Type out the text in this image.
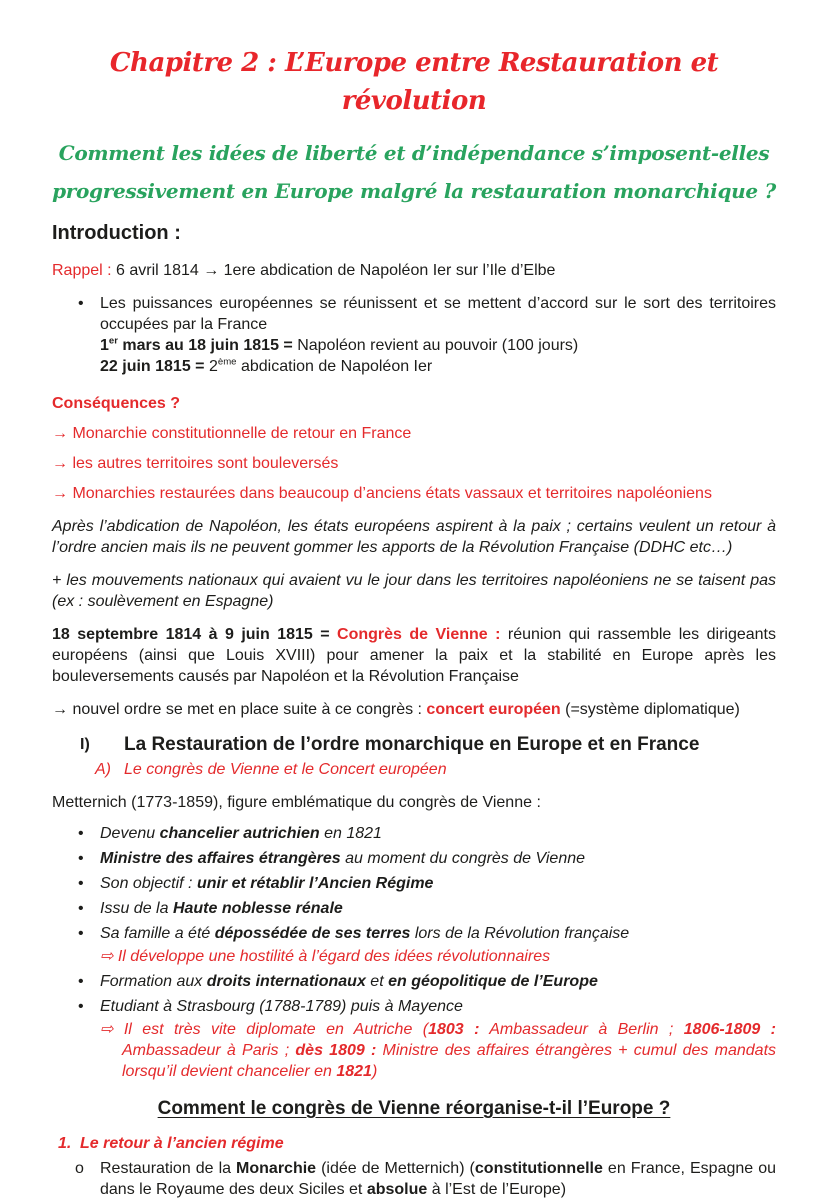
Chapitre 2 : L’Europe entre Restauration et révolution
Comment les idées de liberté et d’indépendance s’imposent-elles
progressivement en Europe malgré la restauration monarchique ?
Introduction :

Rappel : 6 avril 1814 → 1ere abdication de Napoléon Ier sur l’Ile d’Elbe

• Les puissances européennes se réunissent et se mettent d’accord sur le sort des territoires occupées par la France
1er mars au 18 juin 1815 = Napoléon revient au pouvoir (100 jours)
22 juin 1815 = 2ème abdication de Napoléon Ier

Conséquences ?

→ Monarchie constitutionnelle de retour en France

→ les autres territoires sont bouleversés

→ Monarchies restaurées dans beaucoup d’anciens états vassaux et territoires napoléoniens

Après l’abdication de Napoléon, les états européens aspirent à la paix ; certains veulent un retour à l’ordre ancien mais ils ne peuvent gommer les apports de la Révolution Française (DDHC etc…)

+ les mouvements nationaux qui avaient vu le jour dans les territoires napoléoniens ne se taisent pas (ex : soulèvement en Espagne)

18 septembre 1814 à 9 juin 1815 = Congrès de Vienne : réunion qui rassemble les dirigeants européens (ainsi que Louis XVIII) pour amener la paix et la stabilité en Europe après les bouleversements causés par Napoléon et la Révolution Française

→ nouvel ordre se met en place suite à ce congrès : concert européen (=système diplomatique)

I)	La Restauration de l’ordre monarchique en Europe et en France
A) Le congrès de Vienne et le Concert européen

Metternich (1773-1859), figure emblématique du congrès de Vienne :

• Devenu chancelier autrichien en 1821
• Ministre des affaires étrangères au moment du congrès de Vienne
• Son objectif : unir et rétablir l’Ancien Régime
• Issu de la Haute noblesse rénale
• Sa famille a été dépossédée de ses terres lors de la Révolution française
⇨ Il développe une hostilité à l’égard des idées révolutionnaires
• Formation aux droits internationaux et en géopolitique de l’Europe
• Etudiant à Strasbourg (1788-1789) puis à Mayence
⇨ Il est très vite diplomate en Autriche (1803 : Ambassadeur à Berlin ; 1806-1809 : Ambassadeur à Paris ; dès 1809 : Ministre des affaires étrangères + cumul des mandats lorsqu’il devient chancelier en 1821)
Comment le congrès de Vienne réorganise-t-il l’Europe ?
1. Le retour à l’ancien régime
o	Restauration de la Monarchie (idée de Metternich) (constitutionnelle en France, Espagne ou dans le Royaume des deux Siciles et absolue à l’Est de l’Europe)
